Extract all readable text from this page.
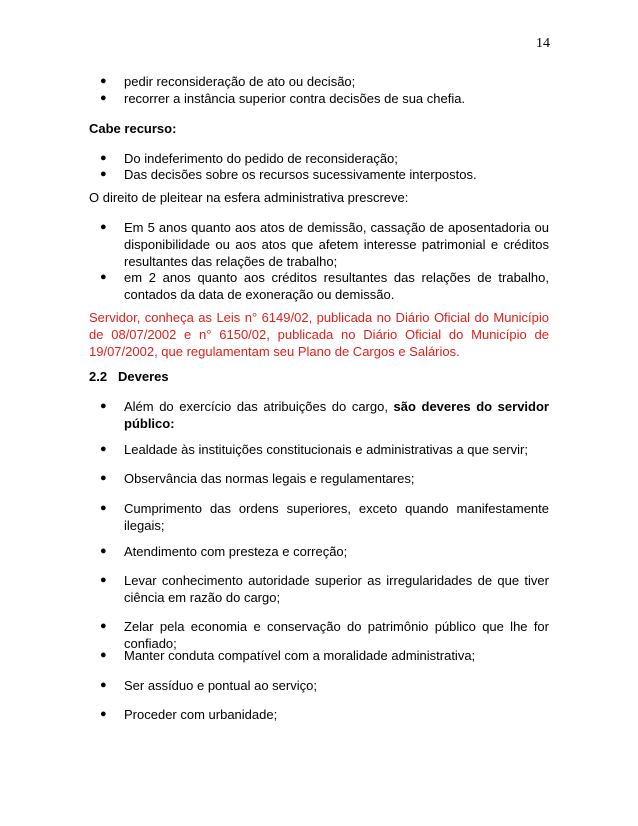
14
● pedir reconsideração de ato ou decisão;
● recorrer a instância superior contra decisões de sua chefia.
Cabe recurso:
● Do indeferimento do pedido de reconsideração;
● Das decisões sobre os recursos sucessivamente interpostos.
O direito de pleitear na esfera administrativa prescreve:
● Em 5 anos quanto aos atos de demissão, cassação de aposentadoria ou disponibilidade ou aos atos que afetem interesse patrimonial e créditos resultantes das relações de trabalho;
● em 2 anos quanto aos créditos resultantes das relações de trabalho, contados da data de exoneração ou demissão.
Servidor, conheça as Leis n° 6149/02, publicada no Diário Oficial do Município de 08/07/2002 e n° 6150/02, publicada no Diário Oficial do Município de 19/07/2002, que regulamentam seu Plano de Cargos e Salários.
2.2 Deveres
● Além do exercício das atribuições do cargo, são deveres do servidor público:
● Lealdade às instituições constitucionais e administrativas a que servir;
● Observância das normas legais e regulamentares;
● Cumprimento das ordens superiores, exceto quando manifestamente ilegais;
● Atendimento com presteza e correção;
● Levar conhecimento autoridade superior as irregularidades de que tiver ciência em razão do cargo;
● Zelar pela economia e conservação do patrimônio público que lhe for confiado;
● Manter conduta compatível com a moralidade administrativa;
● Ser assíduo e pontual ao serviço;
● Proceder com urbanidade;
